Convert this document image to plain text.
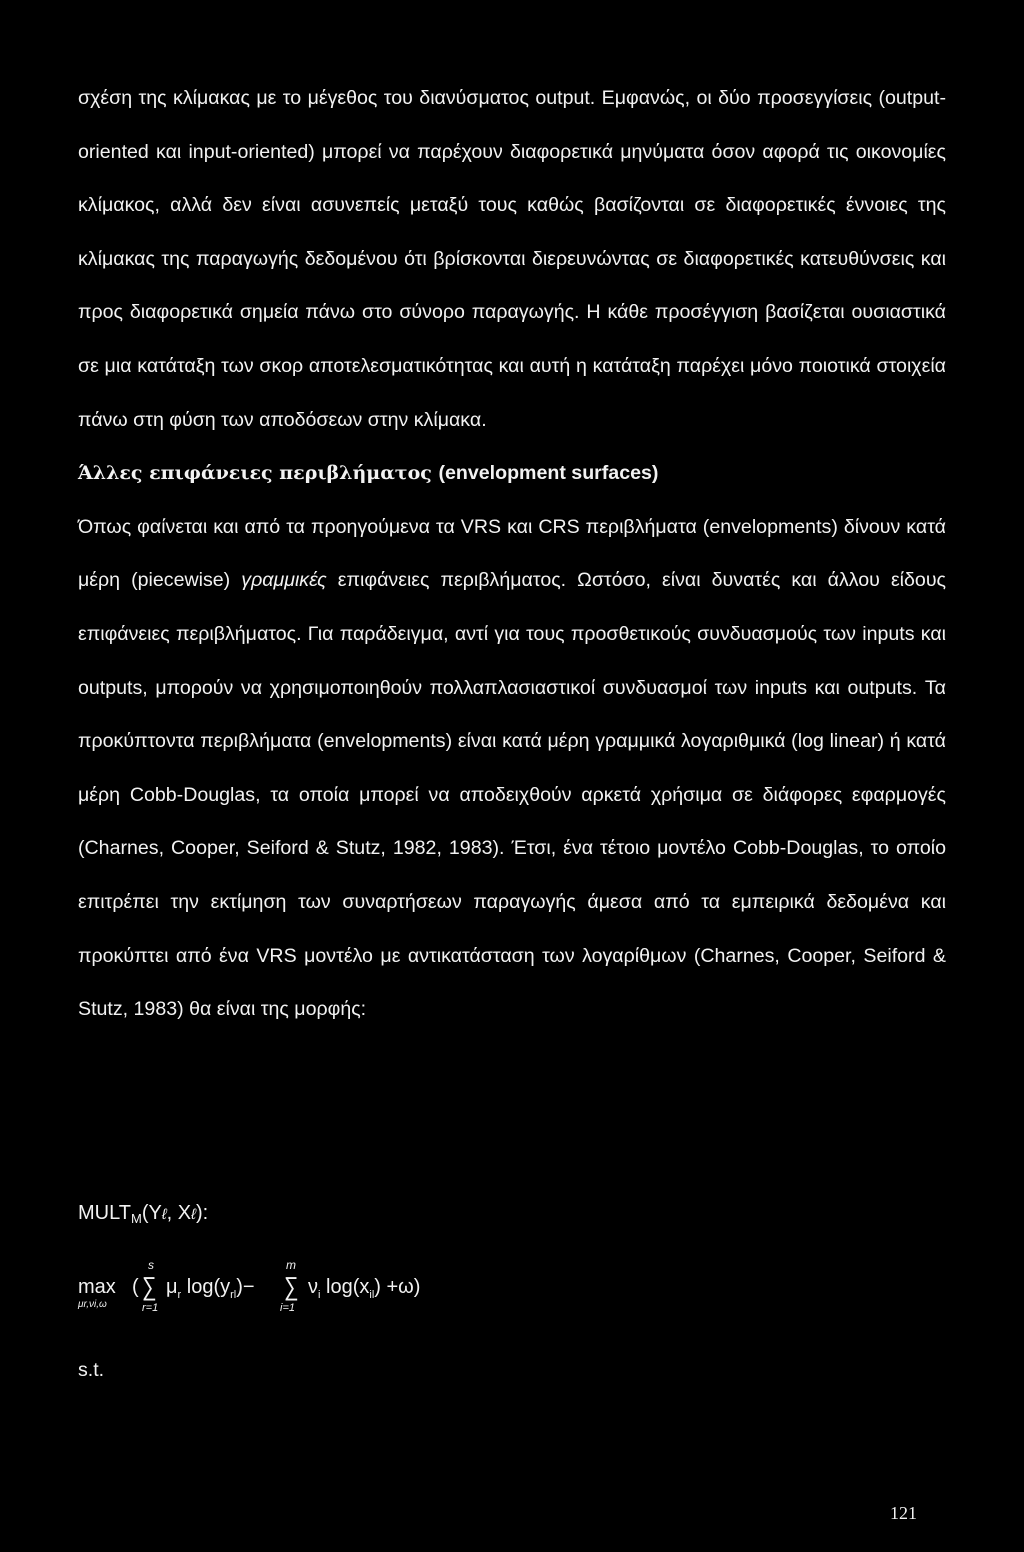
σχέση της κλίμακας με το μέγεθος του διανύσματος output. Εμφανώς, οι δύο προσεγγίσεις (output-oriented και input-oriented) μπορεί να παρέχουν διαφορετικά μηνύματα όσον αφορά τις οικονομίες κλίμακος, αλλά δεν είναι ασυνεπείς μεταξύ τους καθώς βασίζονται σε διαφορετικές έννοιες της κλίμακας της παραγωγής δεδομένου ότι βρίσκονται διερευνώντας σε διαφορετικές κατευθύνσεις και προς διαφορετικά σημεία πάνω στο σύνορο παραγωγής. Η κάθε προσέγγιση βασίζεται ουσιαστικά σε μια κατάταξη των σκορ αποτελεσματικότητας και αυτή η κατάταξη παρέχει μόνο ποιοτικά στοιχεία πάνω στη φύση των αποδόσεων στην κλίμακα.

Άλλες επιφάνειες περιβλήματος (envelopment surfaces)

Όπως φαίνεται και από τα προηγούμενα τα VRS και CRS περιβλήματα (envelopments) δίνουν κατά μέρη (piecewise) γραμμικές επιφάνειες περιβλήματος. Ωστόσο, είναι δυνατές και άλλου είδους επιφάνειες περιβλήματος. Για παράδειγμα, αντί για τους προσθετικούς συνδυασμούς των inputs και outputs, μπορούν να χρησιμοποιηθούν πολλαπλασιαστικοί συνδυασμοί των inputs και outputs. Τα προκύπτοντα περιβλήματα (envelopments) είναι κατά μέρη γραμμικά λογαριθμικά (log linear) ή κατά μέρη Cobb-Douglas, τα οποία μπορεί να αποδειχθούν αρκετά χρήσιμα σε διάφορες εφαρμογές (Charnes, Cooper, Seiford & Stutz, 1982, 1983). Έτσι, ένα τέτοιο μοντέλο Cobb-Douglas, το οποίο επιτρέπει την εκτίμηση των συναρτήσεων παραγωγής άμεσα από τα εμπειρικά δεδομένα και προκύπτει από ένα VRS μοντέλο με αντικατάσταση των λογαρίθμων (Charnes, Cooper, Seiford & Stutz, 1983) θα είναι της μορφής:

$MULT_M(Y\ell$, Xℓ):
max
μr,νi,ω
(
s
∑
r=1
$\mu_r$ $\log(y_{rl})-$
m
∑
i=1
$\nu_i$ $\log(x_{il}) +\omega$)
s.t.
121
